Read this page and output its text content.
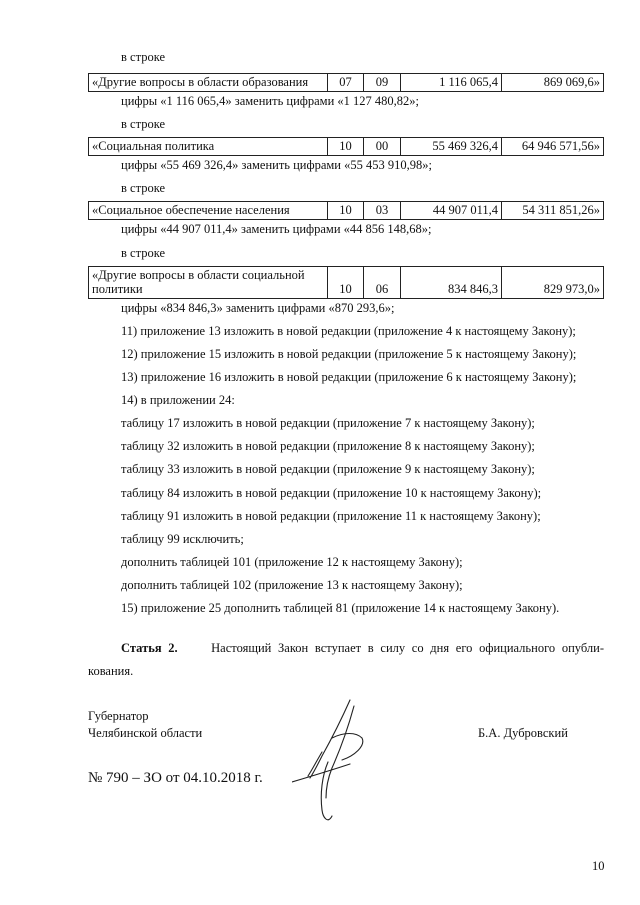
в строке
«Другие вопросы в области образования	07	09	1 116 065,4	869 069,6»
цифры «1 116 065,4» заменить цифрами «1 127 480,82»;
в строке
«Социальная политика	10	00	55 469 326,4	64 946 571,56»
цифры «55 469 326,4» заменить цифрами «55 453 910,98»;
в строке
«Социальное обеспечение населения	10	03	44 907 011,4	54 311 851,26»
цифры «44 907 011,4» заменить цифрами «44 856 148,68»;
в строке
«Другие вопросы в области социальной политики	10	06	834 846,3	829 973,0»
цифры «834 846,3» заменить цифрами «870 293,6»;
11) приложение 13 изложить в новой редакции (приложение 4 к настоящему Закону);
12) приложение 15 изложить в новой редакции (приложение 5 к настоящему Закону);
13) приложение 16 изложить в новой редакции (приложение 6 к настоящему Закону);
14) в приложении 24:
таблицу 17 изложить в новой редакции (приложение 7 к настоящему Закону);
таблицу 32 изложить в новой редакции (приложение 8 к настоящему Закону);
таблицу 33 изложить в новой редакции (приложение 9 к настоящему Закону);
таблицу 84 изложить в новой редакции (приложение 10 к настоящему Закону);
таблицу 91 изложить в новой редакции (приложение 11 к настоящему Закону);
таблицу 99 исключить;
дополнить таблицей 101 (приложение 12 к настоящему Закону);
дополнить таблицей 102 (приложение 13 к настоящему Закону);
15) приложение 25 дополнить таблицей 81 (приложение 14 к настоящему Закону).
Статья 2.	Настоящий Закон вступает в силу со дня его официального опубли-
кования.
Губернатор
Челябинской области	Б.А. Дубровский
№ 790 – ЗО от 04.10.2018 г.
10
